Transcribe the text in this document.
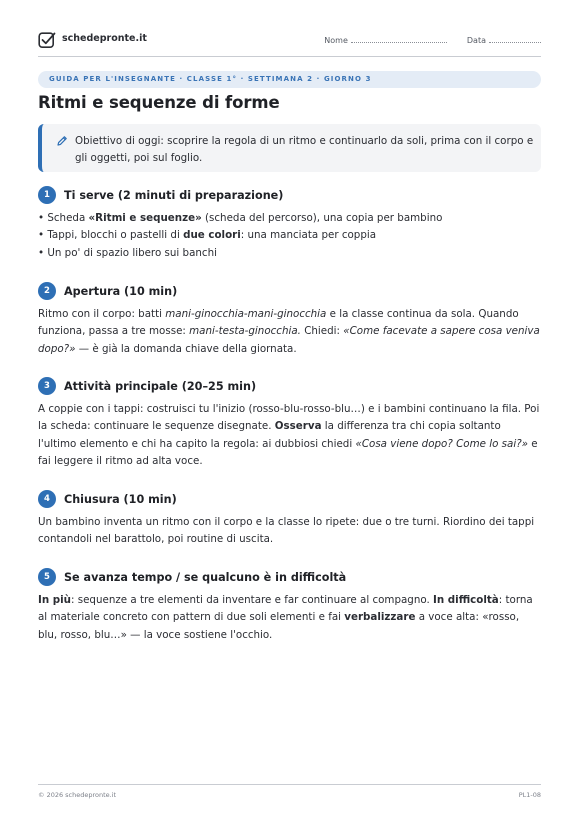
schedepronte.it	Nome	Data
GUIDA PER L'INSEGNANTE · CLASSE 1° · SETTIMANA 2 · GIORNO 3
Ritmi e sequenze di forme
Obiettivo di oggi: scoprire la regola di un ritmo e continuarlo da soli, prima con il corpo e gli oggetti, poi sul foglio.
1	Ti serve (2 minuti di preparazione)
• Scheda «Ritmi e sequenze» (scheda del percorso), una copia per bambino
• Tappi, blocchi o pastelli di due colori: una manciata per coppia
• Un po' di spazio libero sui banchi
2	Apertura (10 min)
Ritmo con il corpo: batti mani-ginocchia-mani-ginocchia e la classe continua da sola. Quando funziona, passa a tre mosse: mani-testa-ginocchia. Chiedi: «Come facevate a sapere cosa veniva dopo?» — è già la domanda chiave della giornata.
3	Attività principale (20–25 min)
A coppie con i tappi: costruisci tu l'inizio (rosso-blu-rosso-blu…) e i bambini continuano la fila. Poi la scheda: continuare le sequenze disegnate. Osserva la differenza tra chi copia soltanto l'ultimo elemento e chi ha capito la regola: ai dubbiosi chiedi «Cosa viene dopo? Come lo sai?» e fai leggere il ritmo ad alta voce.
4	Chiusura (10 min)
Un bambino inventa un ritmo con il corpo e la classe lo ripete: due o tre turni. Riordino dei tappi contandoli nel barattolo, poi routine di uscita.
5	Se avanza tempo / se qualcuno è in difficoltà
In più: sequenze a tre elementi da inventare e far continuare al compagno. In difficoltà: torna al materiale concreto con pattern di due soli elementi e fai verbalizzare a voce alta: «rosso, blu, rosso, blu…» — la voce sostiene l'occhio.
© 2026 schedepronte.it	PL1-08
